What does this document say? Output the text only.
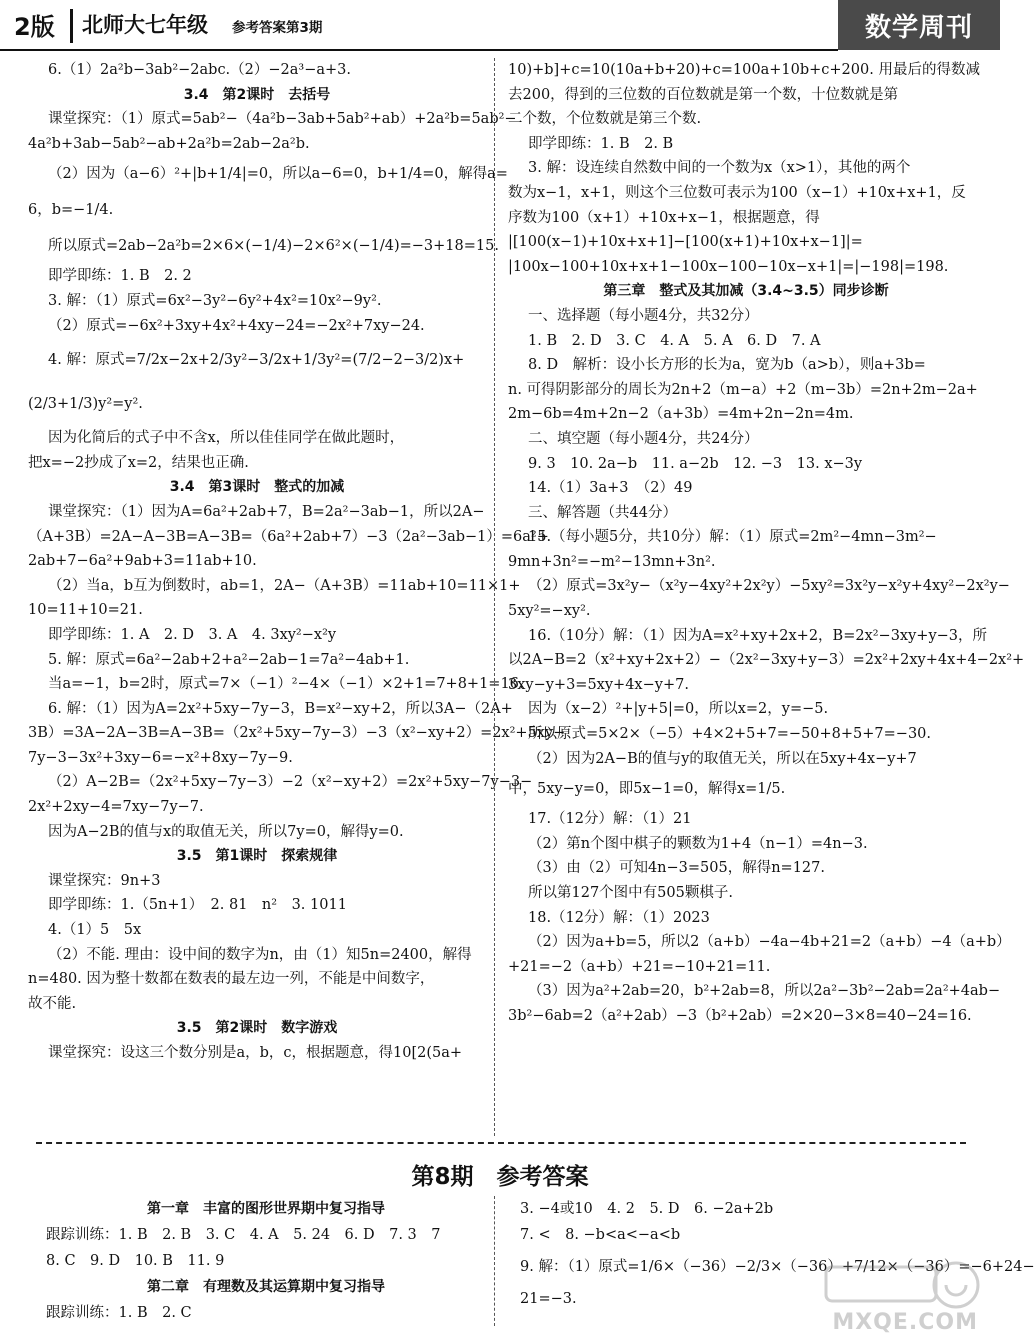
2版 北师大七年级 参考答案第3期	数学周刊
6.（1）2a²b−3ab²−2abc.（2）−2a³−a+3.
3.4　第2课时　去括号
课堂探究：（1）原式=5ab²−（4a²b−3ab+5ab²+ab）+2a²b=5ab²−
4a²b+3ab−5ab²−ab+2a²b=2ab−2a²b.
（2）因为（a−6）²+|b+1/4|=0，所以a−6=0，b+1/4=0，解得a=
6，b=−1/4.
所以原式=2ab−2a²b=2×6×(−1/4)−2×6²×(−1/4)=−3+18=15.
即学即练：1. B　2. 2
3. 解：（1）原式=6x²−3y²−6y²+4x²=10x²−9y².
（2）原式=−6x²+3xy+4x²+4xy−24=−2x²+7xy−24.
4. 解：原式=7/2x−2x+2/3y²−3/2x+1/3y²=(7/2−2−3/2)x+
(2/3+1/3)y²=y².
因为化简后的式子中不含x，所以佳佳同学在做此题时，
把x=−2抄成了x=2，结果也正确.
3.4　第3课时　整式的加减
课堂探究：（1）因为A=6a²+2ab+7，B=2a²−3ab−1，所以2A−
（A+3B）=2A−A−3B=A−3B=（6a²+2ab+7）−3（2a²−3ab−1）=6a²+
2ab+7−6a²+9ab+3=11ab+10.
（2）当a，b互为倒数时，ab=1，2A−（A+3B）=11ab+10=11×1+
10=11+10=21.
即学即练：1. A　2. D　3. A　4. 3xy²−x²y
5. 解：原式=6a²−2ab+2+a²−2ab−1=7a²−4ab+1.
当a=−1，b=2时，原式=7×（−1）²−4×（−1）×2+1=7+8+1=16.
6. 解：（1）因为A=2x²+5xy−7y−3，B=x²−xy+2，所以3A−（2A+
3B）=3A−2A−3B=A−3B=（2x²+5xy−7y−3）−3（x²−xy+2）=2x²+5xy−
7y−3−3x²+3xy−6=−x²+8xy−7y−9.
（2）A−2B=（2x²+5xy−7y−3）−2（x²−xy+2）=2x²+5xy−7y−3−
2x²+2xy−4=7xy−7y−7.
因为A−2B的值与x的取值无关，所以7y=0，解得y=0.
3.5　第1课时　探索规律
课堂探究：9n+3
即学即练：1.（5n+1）　2. 81　n²　3. 1011
4.（1）5　5x
（2）不能. 理由：设中间的数字为n，由（1）知5n=2400，解得
n=480. 因为整十数都在数表的最左边一列，不能是中间数字，
故不能.
3.5　第2课时　数字游戏
课堂探究：设这三个数分别是a，b，c，根据题意，得10[2(5a+
10)+b]+c=10(10a+b+20)+c=100a+10b+c+200. 用最后的得数减
去200，得到的三位数的百位数就是第一个数，十位数就是第
二个数，个位数就是第三个数.
即学即练：1. B　2. B
3. 解：设连续自然数中间的一个数为x（x>1），其他的两个
数为x−1，x+1，则这个三位数可表示为100（x−1）+10x+x+1，反
序数为100（x+1）+10x+x−1，根据题意，得
|[100(x−1)+10x+x+1]−[100(x+1)+10x+x−1]|=
|100x−100+10x+x+1−100x−100−10x−x+1|=|−198|=198.
第三章　整式及其加减（3.4~3.5）同步诊断
一、选择题（每小题4分，共32分）
1. B　2. D　3. C　4. A　5. A　6. D　7. A
8. D　解析：设小长方形的长为a，宽为b（a>b），则a+3b=
n. 可得阴影部分的周长为2n+2（m−a）+2（m−3b）=2n+2m−2a+
2m−6b=4m+2n−2（a+3b）=4m+2n−2n=4m.
二、填空题（每小题4分，共24分）
9. 3　10. 2a−b　11. a−2b　12. −3　13. x−3y
14.（1）3a+3　（2）49
三、解答题（共44分）
15.（每小题5分，共10分）解：（1）原式=2m²−4mn−3m²−
9mn+3n²=−m²−13mn+3n².
（2）原式=3x²y−（x²y−4xy²+2x²y）−5xy²=3x²y−x²y+4xy²−2x²y−
5xy²=−xy².
16.（10分）解：（1）因为A=x²+xy+2x+2，B=2x²−3xy+y−3，所
以2A−B=2（x²+xy+2x+2）−（2x²−3xy+y−3）=2x²+2xy+4x+4−2x²+
3xy−y+3=5xy+4x−y+7.
因为（x−2）²+|y+5|=0，所以x=2，y=−5.
所以原式=5×2×（−5）+4×2+5+7=−50+8+5+7=−30.
（2）因为2A−B的值与y的取值无关，所以在5xy+4x−y+7
中，5xy−y=0，即5x−1=0，解得x=1/5.
17.（12分）解：（1）21
（2）第n个图中棋子的颗数为1+4（n−1）=4n−3.
（3）由（2）可知4n−3=505，解得n=127.
所以第127个图中有505颗棋子.
18.（12分）解：（1）2023
（2）因为a+b=5，所以2（a+b）−4a−4b+21=2（a+b）−4（a+b）
+21=−2（a+b）+21=−10+21=11.
（3）因为a²+2ab=20，b²+2ab=8，所以2a²−3b²−2ab=2a²+4ab−
3b²−6ab=2（a²+2ab）−3（b²+2ab）=2×20−3×8=40−24=16.
第8期　参考答案
第一章　丰富的图形世界期中复习指导
跟踪训练：1. B　2. B　3. C　4. A　5. 24　6. D　7. 3　7
8. C　9. D　10. B　11. 9
第二章　有理数及其运算期中复习指导
跟踪训练：1. B　2. C
3. −4或10　4. 2　5. D　6. −2a+2b
7. <　8. −b<a<−a<b
9. 解：（1）原式=1/6×（−36）−2/3×（−36）+7/12×（−36）=−6+24−
21=−3.
MXQE.COM
